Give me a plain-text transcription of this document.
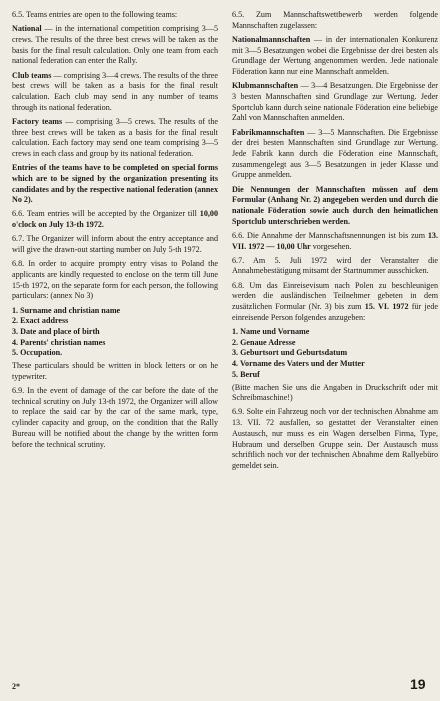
6.5. Teams entries are open to the following teams:

National — in the international competition comprising 3—5 crews. The results of the three best crews will be taken as the basis for the final result calculation. Only one team from each national federation can enter the Rally.

Club teams — comprising 3—4 crews. The results of the three best crews will be taken as a basis for the final result calculation. Each club may send in any number of teams through its national federation.

Factory teams — comprising 3—5 crews. The results of the three best crews will be taken as a basis for the final result calculation. Each factory may send one team comprising 3—5 crews in each class and group by its national federation.

Entries of the teams have to be completed on special forms which are to be signed by the organization presenting its candidates and by the respective national federation (annex No 2).

6.6. Team entries will be accepted by the Organizer till 10,00 o'clock on July 13-th 1972.

6.7. The Organizer will inform about the entry acceptance and will give the drawn-out starting number on July 5-th 1972.

6.8. In order to acquire prompty entry visas to Poland the applicants are kindly requested to enclose on the term till June 15-th 1972, on the separate form for each person, the following particulars: (annex No 3)

1. Surname and christian name
2. Exact address
3. Date and place of birth
4. Parents' christian names
5. Occupation.

These particulars should be written in block letters or on he typewriter.

6.9. In the event of damage of the car before the date of the technical scrutiny on July 13-th 1972, the Organizer will allow to replace the said car by the car of the same mark, type, cylinder capacity and group, on the condition that the Rally Bureau will be notified about the change by the written form before the technical scrutiny.

6.5. Zum Mannschaftswettbewerb werden folgende Mannschaften zugelassen:

Nationalmannschaften — in der internationalen Konkurenz mit 3—5 Besatzungen wobei die Ergebnisse der drei besten als Grundlage der Wertung angenommen werden. Jede nationale Föderation kann nur eine Mannschaft anmelden.

Klubmannschaften — 3—4 Besatzungen. Die Ergebnisse der 3 besten Mannschaften sind Grundlage zur Wertung. Jeder Sportclub kann durch seine nationale Föderation eine beliebige Zahl von Mannschaften anmelden.

Fabrikmannschaften — 3—5 Mannschaften. Die Ergebnisse der drei besten Mannschaften sind Grundlage zur Wertung. Jede Fabrik kann durch die Föderation eine Mannschaft, zusammengelegt aus 3—5 Besatzungen in jeder Klasse und Gruppe anmelden.

Die Nennungen der Mannschaften müssen auf dem Formular (Anhang Nr. 2) angegeben werden und durch die nationale Föderation sowie auch durch den heimatlichen Sportclub unterschrieben werden.

6.6. Die Annahme der Mannschaftsnennungen ist bis zum 13. VII. 1972 — 10,00 Uhr vorgesehen.

6.7. Am 5. Juli 1972 wird der Veranstalter die Annahmebestätigung mitsamt der Startnummer ausschicken.

6.8. Um das Einreisevisum nach Polen zu beschleunigen werden die ausländischen Teilnehmer gebeten in dem zusätzlichen Formular (Nr. 3) bis zum 15. VI. 1972 für jede einreisende Person folgendes anzugeben:

1. Name und Vorname
2. Genaue Adresse
3. Geburtsort und Geburtsdatum
4. Vorname des Vaters und der Mutter
5. Beruf

(Bitte machen Sie uns die Angaben in Druckschrift oder mit Schreibmaschine!)

6.9. Solte ein Fahrzeug noch vor der technischen Abnahme am 13. VII. 72 ausfallen, so gestattet der Veranstalter einen Austausch, nur muss es ein Wagen derselben Firma, Type, Hubraum und derselben Gruppe sein. Der Austausch muss schriftlich noch vor der technischen Abnahme dem Rallyebüro gemeldet sein.

2*	19
